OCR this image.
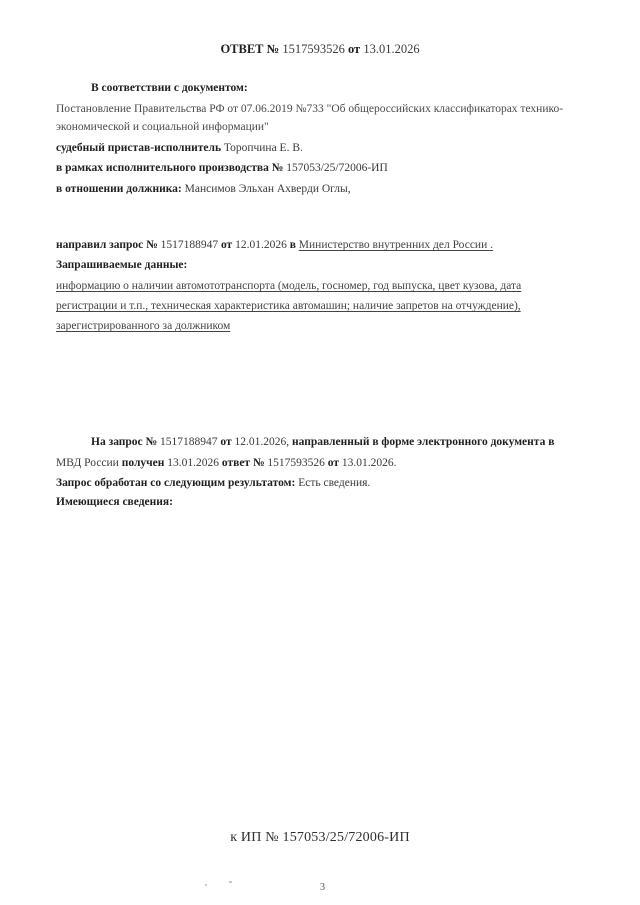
ОТВЕТ № 1517593526 от 13.01.2026
В соответствии с документом:
Постановление Правительства РФ от 07.06.2019 №733 "Об общероссийских классификаторах технико-
экономической и социальной информации"
судебный пристав-исполнитель Торопчина Е. В.
в рамках исполнительного производства № 157053/25/72006-ИП
в отношении должника: Мансимов Эльхан Ахверди Оглы,
направил запрос № 1517188947 от 12.01.2026 в Министерство внутренних дел России .
Запрашиваемые данные:
информацию о наличии автомототранспорта (модель, госномер, год выпуска, цвет кузова, дата
регистрации и т.п., техническая характеристика автомашин; наличие запретов на отчуждение),
зарегистрированного за должником
На запрос № 1517188947 от 12.01.2026, направленный в форме электронного документа в
МВД России получен 13.01.2026 ответ № 1517593526 от 13.01.2026.
Запрос обработан со следующим результатом: Есть сведения.
Имеющиеся сведения:
к ИП № 157053/25/72006-ИП
3
